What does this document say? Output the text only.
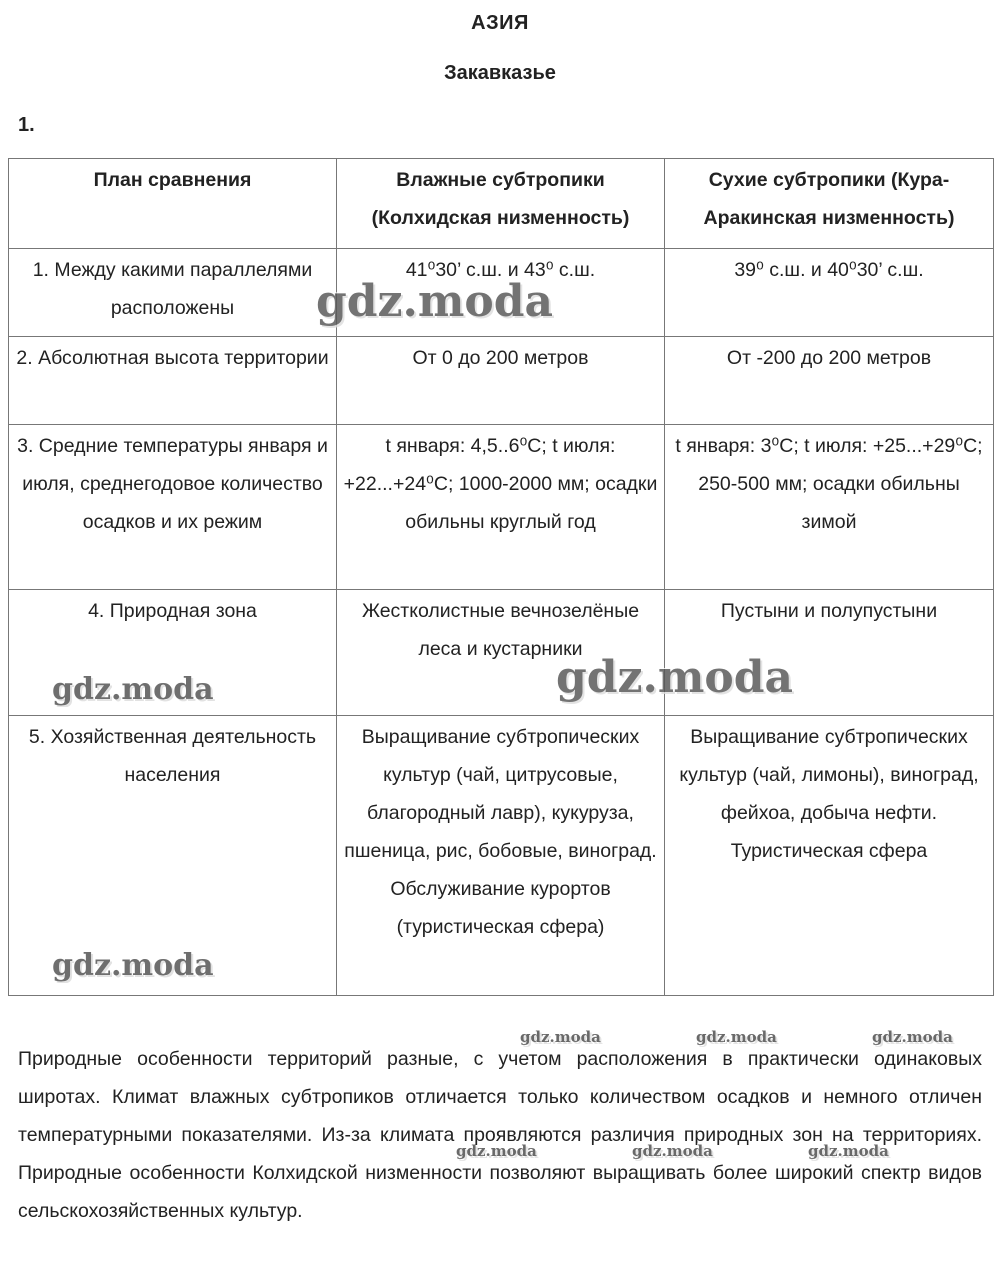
АЗИЯ
Закавказье
1.
План сравнения	Влажные субтропики (Колхидская низменность)	Сухие субтропики (Кура-Аракинская низменность)
1. Между какими параллелями расположены	41⁰30’ с.ш. и 43⁰ с.ш.	39⁰ с.ш. и 40⁰30’ с.ш.
2. Абсолютная высота территории	От 0 до 200 метров	От -200 до 200 метров
3. Средние температуры января и июля, среднегодовое количество осадков и их режим	t января: 4,5..6⁰С; t июля: +22...+24⁰С; 1000-2000 мм; осадки обильны круглый год	t января: 3⁰С; t июля: +25...+29⁰С; 250-500 мм; осадки обильны зимой
4. Природная зона	Жестколистные вечнозелёные леса и кустарники	Пустыни и полупустыни
5. Хозяйственная деятельность населения	Выращивание субтропических культур (чай, цитрусовые, благородный лавр), кукуруза, пшеница, рис, бобовые, виноград. Обслуживание курортов (туристическая сфера)	Выращивание субтропических культур (чай, лимоны), виноград, фейхоа, добыча нефти. Туристическая сфера
Природные особенности территорий разные, с учетом расположения в практически одинаковых широтах. Климат влажных субтропиков отличается только количеством осадков и немного отличен температурными показателями. Из-за климата проявляются различия природных зон на территориях. Природные особенности Колхидской низменности позволяют выращивать более широкий спектр видов сельскохозяйственных культур.
gdz.moda
gdz.moda
gdz.moda
gdz.moda
gdz.moda	gdz.moda	gdz.moda
gdz.moda	gdz.moda	gdz.moda
